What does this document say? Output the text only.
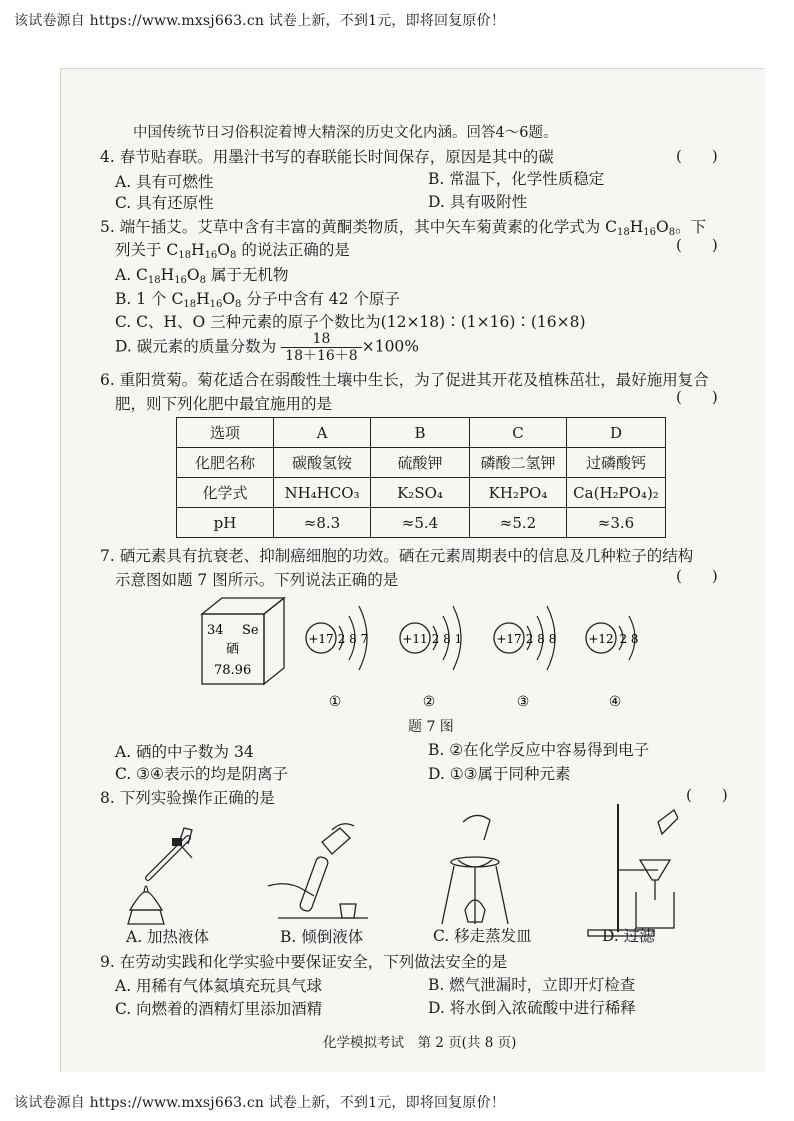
该试卷源自 https://www.mxsj663.cn 试卷上新，不到1元，即将回复原价！
中国传统节日习俗积淀着博大精深的历史文化内涵。回答4～6题。
4. 春节贴春联。用墨汁书写的春联能长时间保存，原因是其中的碳	(　　)
A. 具有可燃性	B. 常温下，化学性质稳定
C. 具有还原性	D. 具有吸附性
5. 端午插艾。艾草中含有丰富的黄酮类物质，其中矢车菊黄素的化学式为 $C_{18}H_{16}O_8$。下
列关于 $C_{18}H_{16}O_8$ 的说法正确的是	(　　)
A. $C_{18}H_{16}O_8$ 属于无机物
B. 1 个 $C_{18}H_{16}O_8$ 分子中含有 42 个原子
C. C、H、O 三种元素的原子个数比为(12×18)∶(1×16)∶(16×8)
D. 碳元素的质量分数为 $\frac{18}{18+16+8} \times 100\%$
6. 重阳赏菊。菊花适合在弱酸性土壤中生长，为了促进其开花及植株茁壮，最好施用复合
肥，则下列化肥中最宜施用的是	(　　)
选项	A	B	C	D
化肥名称	碳酸氢铵	硫酸钾	磷酸二氢钾	过磷酸钙
化学式	NH₄HCO₃	K₂SO₄	KH₂PO₄	Ca(H₂PO₄)₂
pH	≈8.3	≈5.4	≈5.2	≈3.6
7. 硒元素具有抗衰老、抑制癌细胞的功效。硒在元素周期表中的信息及几种粒子的结构
示意图如题 7 图所示。下列说法正确的是	(　　)
34 Se
硒
78.96
+17 2 8 7
①
+11 2 8 1
②
+17 2 8 8
③
+12 2 8
④
题 7 图
A. 硒的中子数为 34	B. ②在化学反应中容易得到电子
C. ③④表示的均是阴离子	D. ①③属于同种元素
8. 下列实验操作正确的是	(　　)
A. 加热液体	B. 倾倒液体	C. 移走蒸发皿	D. 过滤
9. 在劳动实践和化学实验中要保证安全，下列做法安全的是
A. 用稀有气体氦填充玩具气球	B. 燃气泄漏时，立即开灯检查
C. 向燃着的酒精灯里添加酒精	D. 将水倒入浓硫酸中进行稀释
化学模拟考试　第 2 页(共 8 页)
该试卷源自 https://www.mxsj663.cn 试卷上新，不到1元，即将回复原价！
